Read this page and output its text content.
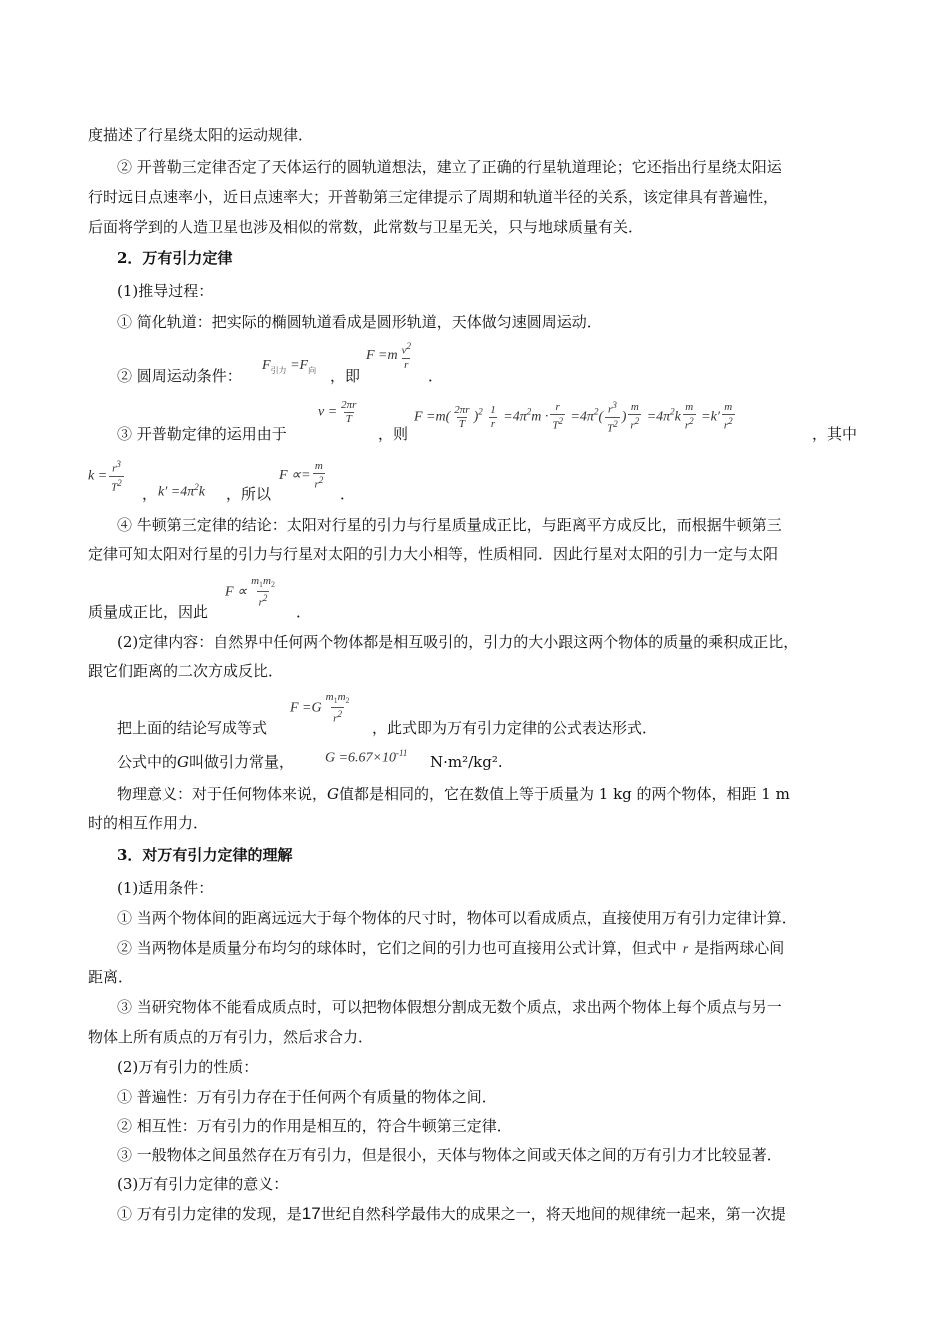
度描述了行星绕太阳的运动规律．
② 开普勒三定律否定了天体运行的圆轨道想法，建立了正确的行星轨道理论；它还指出行星绕太阳运
行时远日点速率小，近日点速率大；开普勒第三定律提示了周期和轨道半径的关系，该定律具有普遍性，
后面将学到的人造卫星也涉及相似的常数，此常数与卫星无关，只与地球质量有关．
2．万有引力定律
(1)推导过程：
① 简化轨道：把实际的椭圆轨道看成是圆形轨道，天体做匀速圆周运动．
② 圆周运动条件：
$F_{引力} =F_向$ ，即
$F =m \frac{v^2}{r}$
．
③ 开普勒定律的运用由于
$v = \frac{2\pi r}{T}$
，则
$F =m( \frac{2\pi r}{T} )^2 \frac{1}{r} =4\pi^2m \cdot \frac{r}{T^2} =4\pi^2( \frac{r^3}{T^2}$ ) $\frac{m}{r^2} =4\pi^2k \frac{m}{r^2} =k' \frac{m}{r^2}$
，其中
$k = \frac{r^3}{T^2}$ ， $k' =4\pi^2k$ ，所以
$F \propto= \frac{m}{r^2}$
．
④ 牛顿第三定律的结论：太阳对行星的引力与行星质量成正比，与距离平方成反比，而根据牛顿第三
定律可知太阳对行星的引力与行星对太阳的引力大小相等，性质相同．因此行星对太阳的引力一定与太阳
质量成正比，因此
$F \propto \frac{m_1m_2}{r^2}$
．
(2)定律内容：自然界中任何两个物体都是相互吸引的，引力的大小跟这两个物体的质量的乘积成正比，
跟它们距离的二次方成反比．
把上面的结论写成等式
$F =G \frac{m_1m_2}{r^2}$
，此式即为万有引力定律的公式表达形式．
公式中的G叫做引力常量，	$G =6.67\times 10^{-11}$ N·m²/kg².
物理意义：对于任何物体来说，G值都是相同的，它在数值上等于质量为 1 kg 的两个物体，相距 1 m
时的相互作用力．
3．对万有引力定律的理解
(1)适用条件：
① 当两个物体间的距离远远大于每个物体的尺寸时，物体可以看成质点，直接使用万有引力定律计算．
② 当两物体是质量分布均匀的球体时，它们之间的引力也可直接用公式计算，但式中 r 是指两球心间
距离．
③ 当研究物体不能看成质点时，可以把物体假想分割成无数个质点，求出两个物体上每个质点与另一
物体上所有质点的万有引力，然后求合力．
(2)万有引力的性质：
① 普遍性：万有引力存在于任何两个有质量的物体之间．
② 相互性：万有引力的作用是相互的，符合牛顿第三定律．
③ 一般物体之间虽然存在万有引力，但是很小，天体与物体之间或天体之间的万有引力才比较显著．
(3)万有引力定律的意义：
① 万有引力定律的发现，是17世纪自然科学最伟大的成果之一，将天地间的规律统一起来，第一次提
